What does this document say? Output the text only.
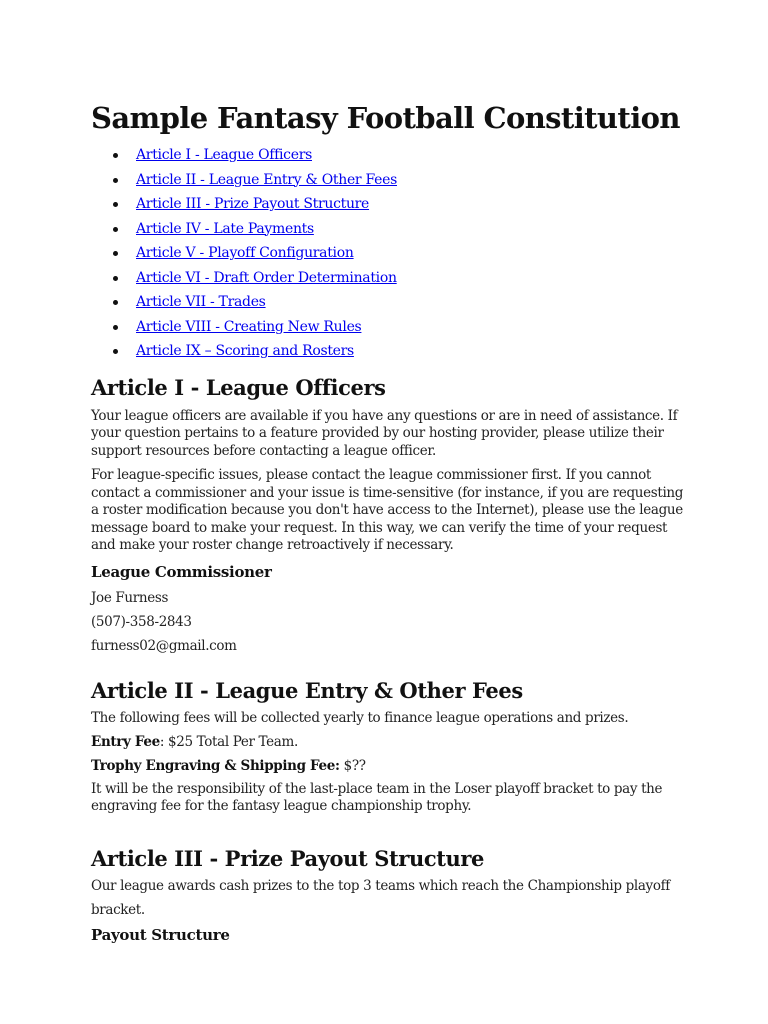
Sample Fantasy Football Constitution
Article I - League Officers
Article II - League Entry & Other Fees
Article III - Prize Payout Structure
Article IV - Late Payments
Article V - Playoff Configuration
Article VI - Draft Order Determination
Article VII - Trades
Article VIII - Creating New Rules
Article IX – Scoring and Rosters
Article I - League Officers

Your league officers are available if you have any questions or are in need of assistance. If your question pertains to a feature provided by our hosting provider, please utilize their support resources before contacting a league officer.

For league-specific issues, please contact the league commissioner first. If you cannot contact a commissioner and your issue is time-sensitive (for instance, if you are requesting a roster modification because you don't have access to the Internet), please use the league message board to make your request. In this way, we can verify the time of your request and make your roster change retroactively if necessary.

League Commissioner
Joe Furness
(507)-358-2843
furness02@gmail.com
Article II - League Entry & Other Fees
The following fees will be collected yearly to finance league operations and prizes.
Entry Fee: $25 Total Per Team.
Trophy Engraving & Shipping Fee: $??

It will be the responsibility of the last-place team in the Loser playoff bracket to pay the engraving fee for the fantasy league championship trophy.

Article III - Prize Payout Structure
Our league awards cash prizes to the top 3 teams which reach the Championship playoff bracket.
Payout Structure
